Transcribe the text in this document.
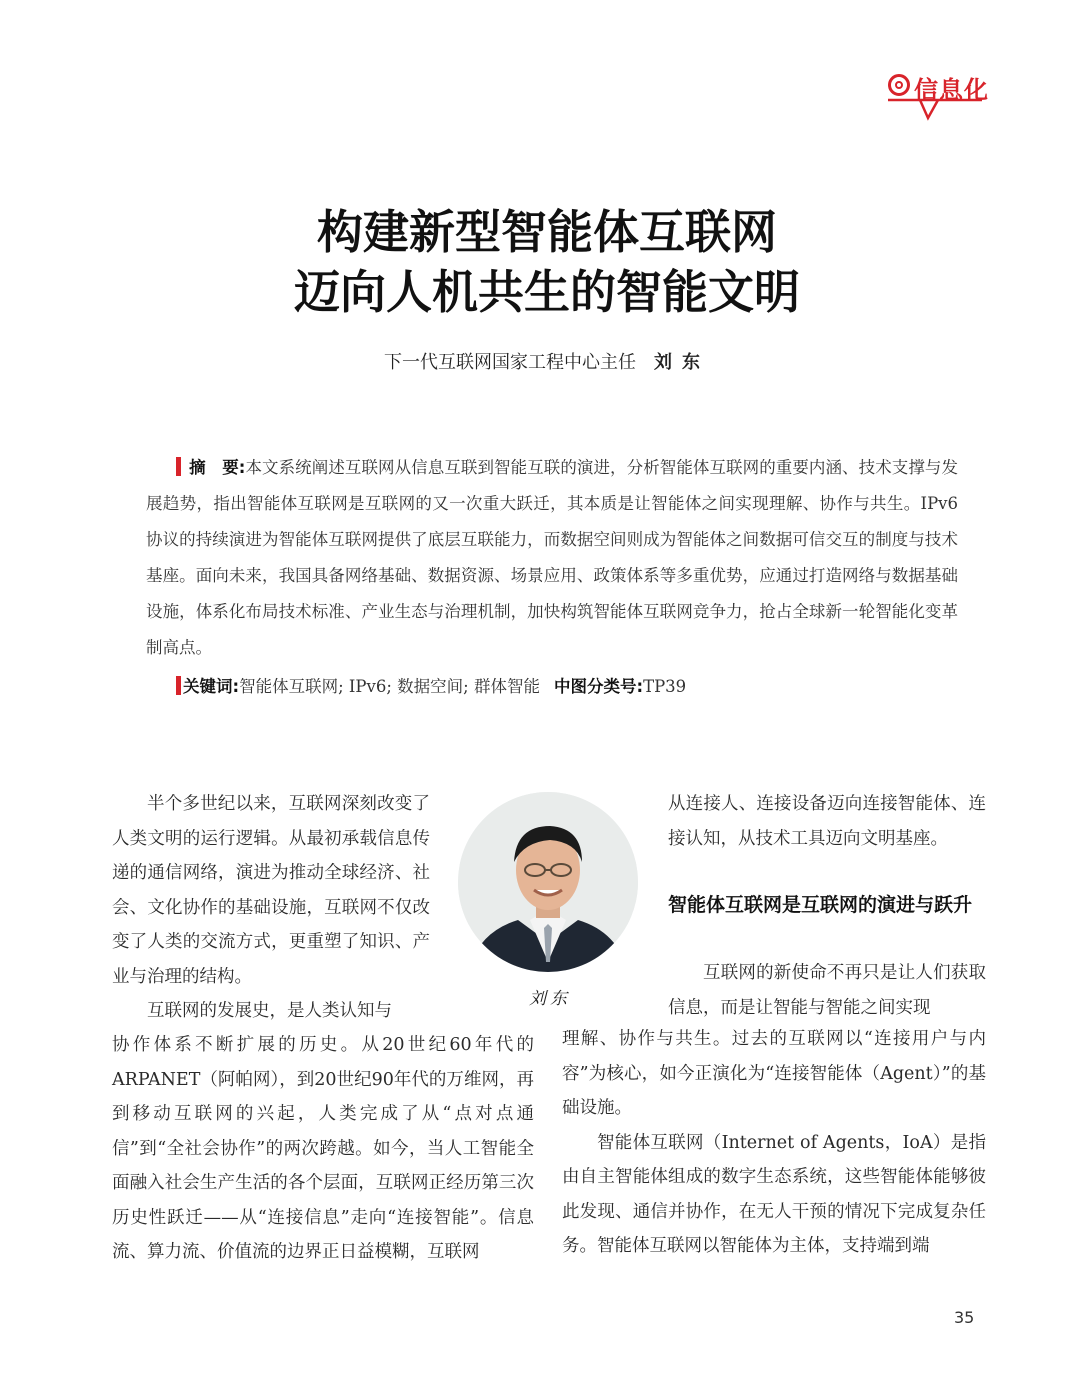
信息化
构建新型智能体互联网
迈向人机共生的智能文明
下一代互联网国家工程中心主任 刘东

摘　要:本文系统阐述互联网从信息互联到智能互联的演进，分析智能体互联网的重要内涵、技术支撑与发展趋势，指出智能体互联网是互联网的又一次重大跃迁，其本质是让智能体之间实现理解、协作与共生。IPv6协议的持续演进为智能体互联网提供了底层互联能力，而数据空间则成为智能体之间数据可信交互的制度与技术基座。面向未来，我国具备网络基础、数据资源、场景应用、政策体系等多重优势，应通过打造网络与数据基础设施，体系化布局技术标准、产业生态与治理机制，加快构筑智能体互联网竞争力，抢占全球新一轮智能化变革制高点。

关键词:智能体互联网; IPv6; 数据空间; 群体智能 中图分类号:TP39

半个多世纪以来，互联网深刻改变了人类文明的运行逻辑。从最初承载信息传递的通信网络，演进为推动全球经济、社会、文化协作的基础设施，互联网不仅改变了人类的交流方式，更重塑了知识、产业与治理的结构。

互联网的发展史，是人类认知与

协作体系不断扩展的历史。从20世纪60年代的ARPANET（阿帕网），到20世纪90年代的万维网，再到移动互联网的兴起，人类完成了从“点对点通信”到“全社会协作”的两次跨越。如今，当人工智能全面融入社会生产生活的各个层面，互联网正经历第三次历史性跃迁——从“连接信息”走向“连接智能”。信息流、算力流、价值流的边界正日益模糊，互联网

刘东

从连接人、连接设备迈向连接智能体、连接认知，从技术工具迈向文明基座。

智能体互联网是互联网的演进与跃升

互联网的新使命不再只是让人们获取信息，而是让智能与智能之间实现

理解、协作与共生。过去的互联网以“连接用户与内容”为核心，如今正演化为“连接智能体（Agent）”的基础设施。

智能体互联网（Internet of Agents，IoA）是指由自主智能体组成的数字生态系统，这些智能体能够彼此发现、通信并协作，在无人干预的情况下完成复杂任务。智能体互联网以智能体为主体，支持端到端

35
